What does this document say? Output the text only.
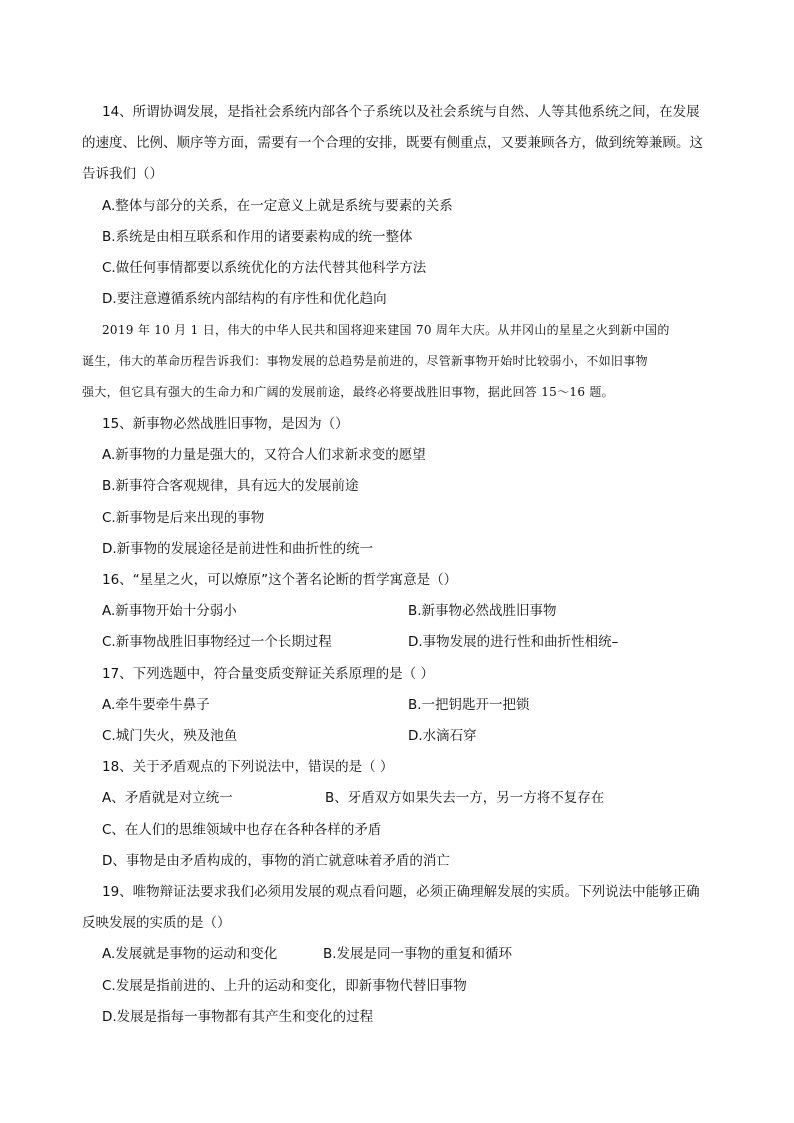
14、所谓协调发展，是指社会系统内部各个子系统以及社会系统与自然、人等其他系统之间，在发展
的速度、比例、顺序等方面，需要有一个合理的安排，既要有侧重点，又要兼顾各方，做到统筹兼顾。这
告诉我们（）
A.整体与部分的关系，在一定意义上就是系统与要素的关系
B.系统是由相互联系和作用的诸要素构成的统一整体
C.做任何事情都要以系统优化的方法代替其他科学方法
D.要注意遵循系统内部结构的有序性和优化趋向
2019 年 10 月 1 日，伟大的中华人民共和国将迎来建国 70 周年大庆。从井冈山的星星之火到新中国的
诞生，伟大的革命历程告诉我们：事物发展的总趋势是前进的，尽管新事物开始时比较弱小，不如旧事物
强大，但它具有强大的生命力和广阔的发展前途，最终必将要战胜旧事物，据此回答 15～16 题。
15、新事物必然战胜旧事物，是因为（）
A.新事物的力量是强大的，又符合人们求新求变的愿望
B.新事符合客观规律，具有远大的发展前途
C.新事物是后来出现的事物
D.新事物的发展途径是前进性和曲折性的统一
16、“星星之火，可以燎原”这个著名论断的哲学寓意是（）
A.新事物开始十分弱小	B.新事物必然战胜旧事物
C.新事物战胜旧事物经过一个长期过程	D.事物发展的进行性和曲折性相统–
17、下列选题中，符合量变质变辩证关系原理的是（ ）
A.牵牛要牵牛鼻子	B.一把钥匙开一把锁
C.城门失火，殃及池鱼	D.水滴石穿
18、关于矛盾观点的下列说法中，错误的是（ ）
A、矛盾就是对立统一	B、牙盾双方如果失去一方，另一方将不复存在
C、在人们的思维领域中也存在各种各样的矛盾
D、事物是由矛盾构成的，事物的消亡就意味着矛盾的消亡
19、唯物辩证法要求我们必须用发展的观点看问题，必须正确理解发展的实质。下列说法中能够正确
反映发展的实质的是（）
A.发展就是事物的运动和变化	B.发展是同一事物的重复和循环
C.发展是指前进的、上升的运动和变化，即新事物代替旧事物
D.发展是指每一事物都有其产生和变化的过程
